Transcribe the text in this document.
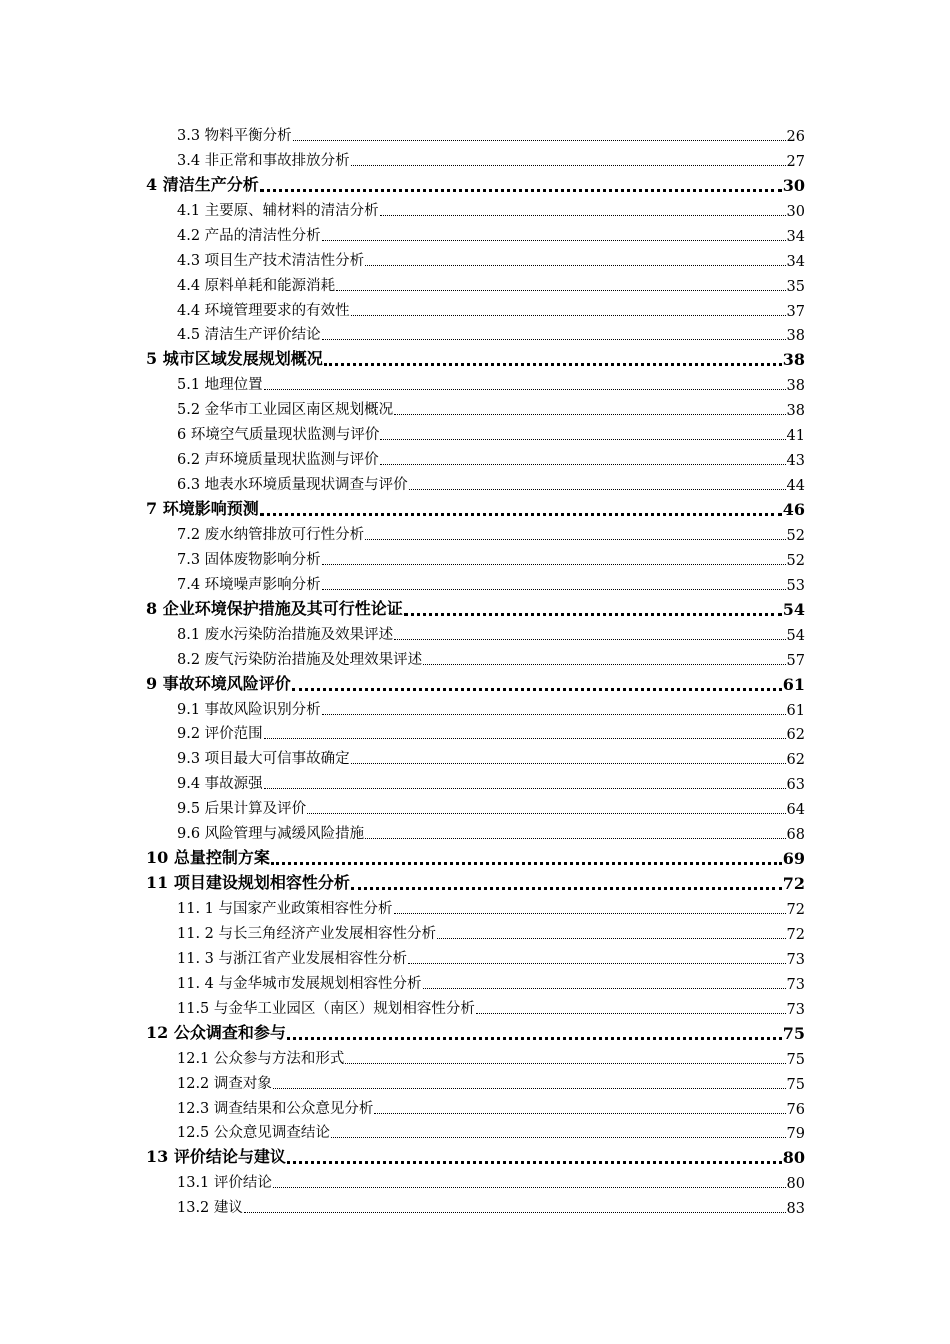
3.3 物料平衡分析	26
3.4 非正常和事故排放分析	27
4 清洁生产分析	30
4.1 主要原、辅材料的清洁分析	30
4.2 产品的清洁性分析	34
4.3 项目生产技术清洁性分析	34
4.4 原料单耗和能源消耗	35
4.4 环境管理要求的有效性	37
4.5 清洁生产评价结论	38
5 城市区域发展规划概况	38
5.1 地理位置	38
5.2 金华市工业园区南区规划概况	38
6 环境空气质量现状监测与评价	41
6.2 声环境质量现状监测与评价	43
6.3 地表水环境质量现状调查与评价	44
7 环境影响预测	46
7.2 废水纳管排放可行性分析	52
7.3 固体废物影响分析	52
7.4 环境噪声影响分析	53
8 企业环境保护措施及其可行性论证	54
8.1 废水污染防治措施及效果评述	54
8.2 废气污染防治措施及处理效果评述	57
9 事故环境风险评价	61
9.1 事故风险识别分析	61
9.2 评价范围	62
9.3 项目最大可信事故确定	62
9.4 事故源强	63
9.5 后果计算及评价	64
9.6 风险管理与减缓风险措施	68
10 总量控制方案	69
11 项目建设规划相容性分析	72
11. 1 与国家产业政策相容性分析	72
11. 2 与长三角经济产业发展相容性分析	72
11. 3 与浙江省产业发展相容性分析	73
11. 4 与金华城市发展规划相容性分析	73
11.5 与金华工业园区（南区）规划相容性分析	73
12 公众调查和参与	75
12.1 公众参与方法和形式	75
12.2 调查对象	75
12.3 调查结果和公众意见分析	76
12.5 公众意见调查结论	79
13 评价结论与建议	80
13.1 评价结论	80
13.2 建议	83
